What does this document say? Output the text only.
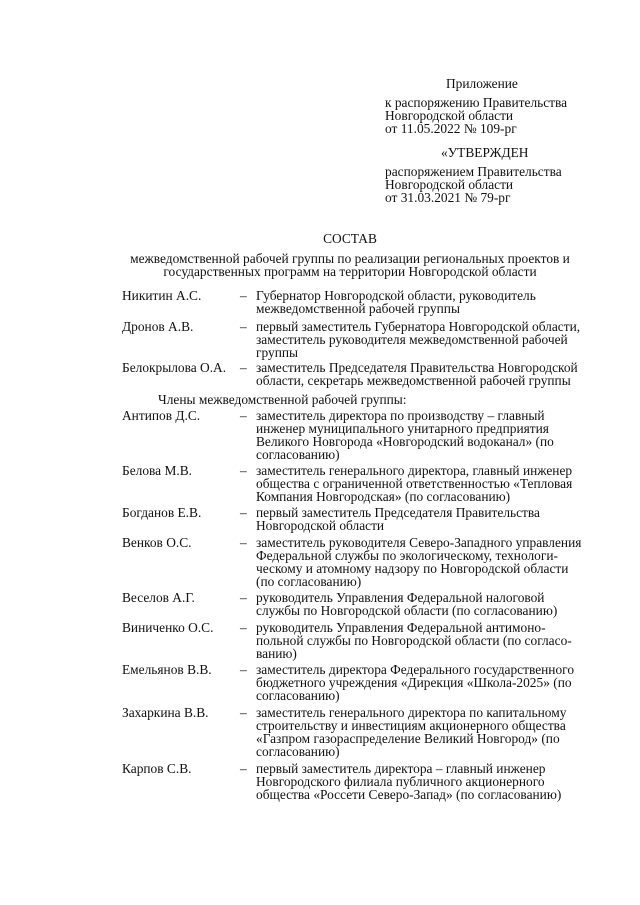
Приложение
к распоряжению Правительства
Новгородской области
от 11.05.2022 № 109-рг
«УТВЕРЖДЕН
распоряжением Правительства
Новгородской области
от 31.03.2021 № 79-рг
СОСТАВ
межведомственной рабочей группы по реализации региональных проектов и
государственных программ на территории Новгородской области
Никитин А.С.	– Губернатор Новгородской области, руководитель межведомственной рабочей группы
Дронов А.В.	– первый заместитель Губернатора Новгородской области, заместитель руководителя межведомственной рабочей группы
Белокрылова О.А. – заместитель Председателя Правительства Новгородской области, секретарь межведомственной рабочей группы
Члены межведомственной рабочей группы:
Антипов Д.С.	– заместитель директора по производству – главный инженер муниципального унитарного предприятия Великого Новгорода «Новгородский водоканал» (по согласованию)
Белова М.В.	– заместитель генерального директора, главный инженер общества с ограниченной ответственностью «Тепловая Компания Новгородская» (по согласованию)
Богданов Е.В.	– первый заместитель Председателя Правительства Новгородской области
Венков О.С.	– заместитель руководителя Северо-Западного управления Федеральной службы по экологическому, технологическому и атомному надзору по Новгородской области (по согласованию)
Веселов А.Г.	– руководитель Управления Федеральной налоговой службы по Новгородской области (по согласованию)
Виниченко О.С. – руководитель Управления Федеральной антимонопольной службы по Новгородской области (по согласованию)
Емельянов В.В. – заместитель директора Федерального государственного бюджетного учреждения «Дирекция «Школа-2025» (по согласованию)
Захаркина В.В. – заместитель генерального директора по капитальному строительству и инвестициям акционерного общества «Газпром газораспределение Великий Новгород» (по согласованию)
Карпов С.В.	– первый заместитель директора – главный инженер Новгородского филиала публичного акционерного общества «Россети Северо-Запад» (по согласованию)
